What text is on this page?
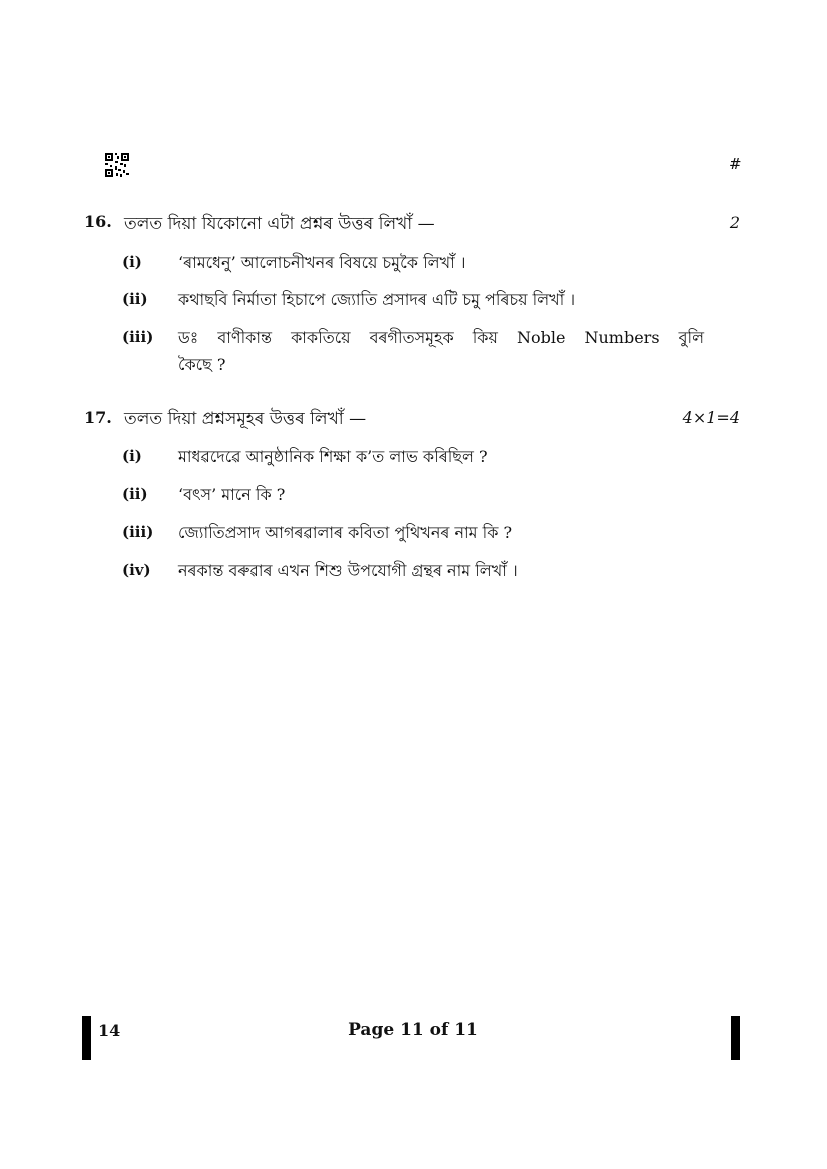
#
16. তলত দিয়া যিকোনো এটা প্ৰশ্নৰ উত্তৰ লিখাঁ —	2
(i) ‘ৰামধেনু’ আলোচনীখনৰ বিষয়ে চমুকৈ লিখাঁ ।
(ii) কথাছবি নির্মাতা হিচাপে জ্যোতি প্ৰসাদৰ এটি চমু পৰিচয় লিখাঁ ।
(iii) ডঃ বাণীকান্ত কাকতিয়ে বৰগীতসমূহক কিয় Noble Numbers বুলি
কৈছে ?
17. তলত দিয়া প্ৰশ্নসমূহৰ উত্তৰ লিখাঁ —	4×1=4
(i) মাধৱদেৱে আনুষ্ঠানিক শিক্ষা ক’ত লাভ কৰিছিল ?
(ii) ‘বৎস’ মানে কি ?
(iii) জ্যোতিপ্ৰসাদ আগৰৱালাৰ কবিতা পুথিখনৰ নাম কি ?
(iv) নৰকান্ত বৰুৱাৰ এখন শিশু উপযোগী গ্ৰন্থৰ নাম লিখাঁ ।
14	Page 11 of 11
